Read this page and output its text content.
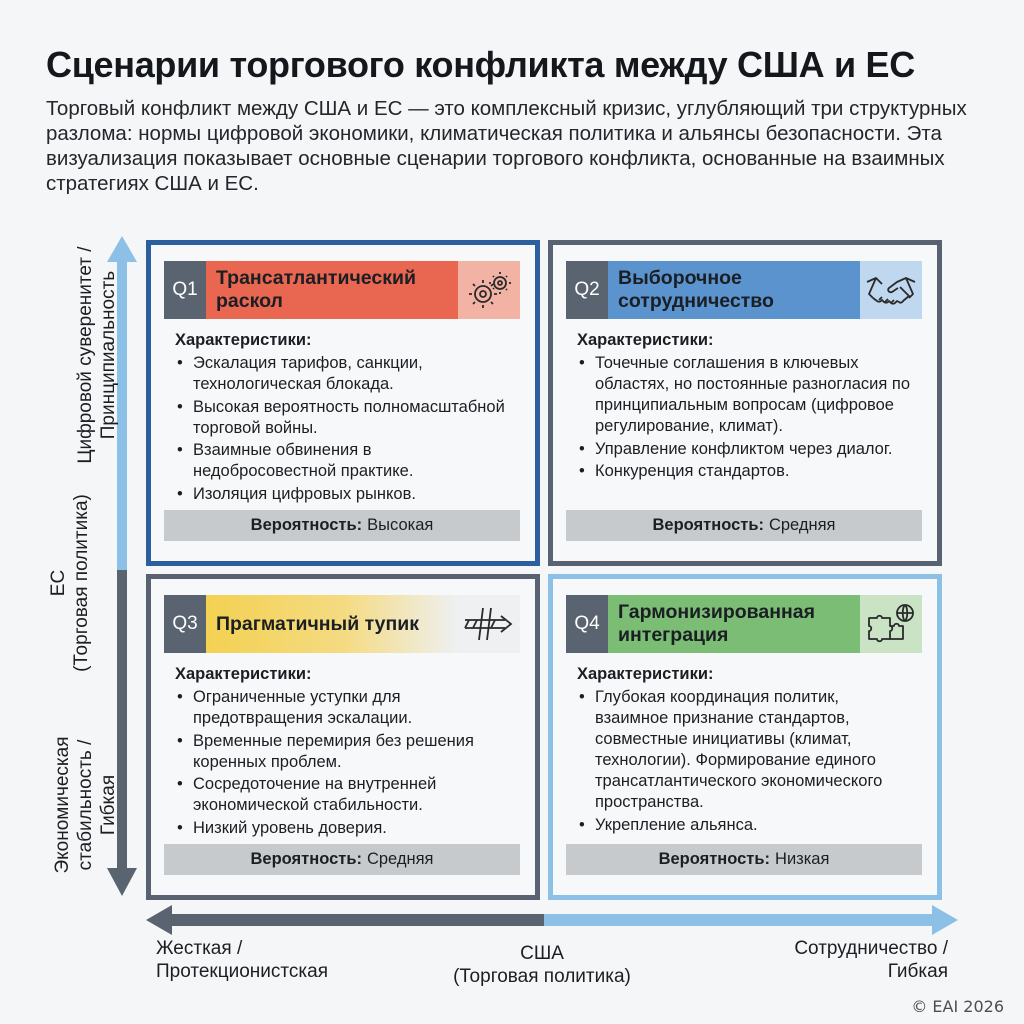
Сценарии торгового конфликта между США и ЕС
Торговый конфликт между США и ЕС — это комплексный кризис, углубляющий три структурных разлома: нормы цифровой экономики, климатическая политика и альянсы безопасности. Эта визуализация показывает основные сценарии торгового конфликта, основанные на взаимных стратегиях США и ЕС.
Цифровой суверенитет / Принципиальность
ЕС (Торговая политика)
Экономическая стабильность / Гибкая
Жесткая /
Протекционистская
США
(Торговая политика)
Сотрудничество /
Гибкая
Q1
Трансатлантический раскол
Характеристики:
• Эскалация тарифов, санкции, технологическая блокада.
• Высокая вероятность полномасштабной торговой войны.
• Взаимные обвинения в недобросовестной практике.
• Изоляция цифровых рынков.
Вероятность: Высокая
Q2
Выборочное сотрудничество
Характеристики:
• Точечные соглашения в ключевых областях, но постоянные разногласия по принципиальным вопросам (цифровое регулирование, климат).
• Управление конфликтом через диалог.
• Конкуренция стандартов.
Вероятность: Средняя
Q3 Прагматичный тупик
Характеристики:
• Ограниченные уступки для предотвращения эскалации.
• Временные перемирия без решения коренных проблем.
• Сосредоточение на внутренней экономической стабильности.
• Низкий уровень доверия.
Вероятность: Средняя
Q4
Гармонизированная интеграция
Характеристики:
• Глубокая координация политик, взаимное признание стандартов, совместные инициативы (климат, технологии). Формирование единого трансатлантического экономического пространства.
• Укрепление альянса.
Вероятность: Низкая
© EAI 2026
